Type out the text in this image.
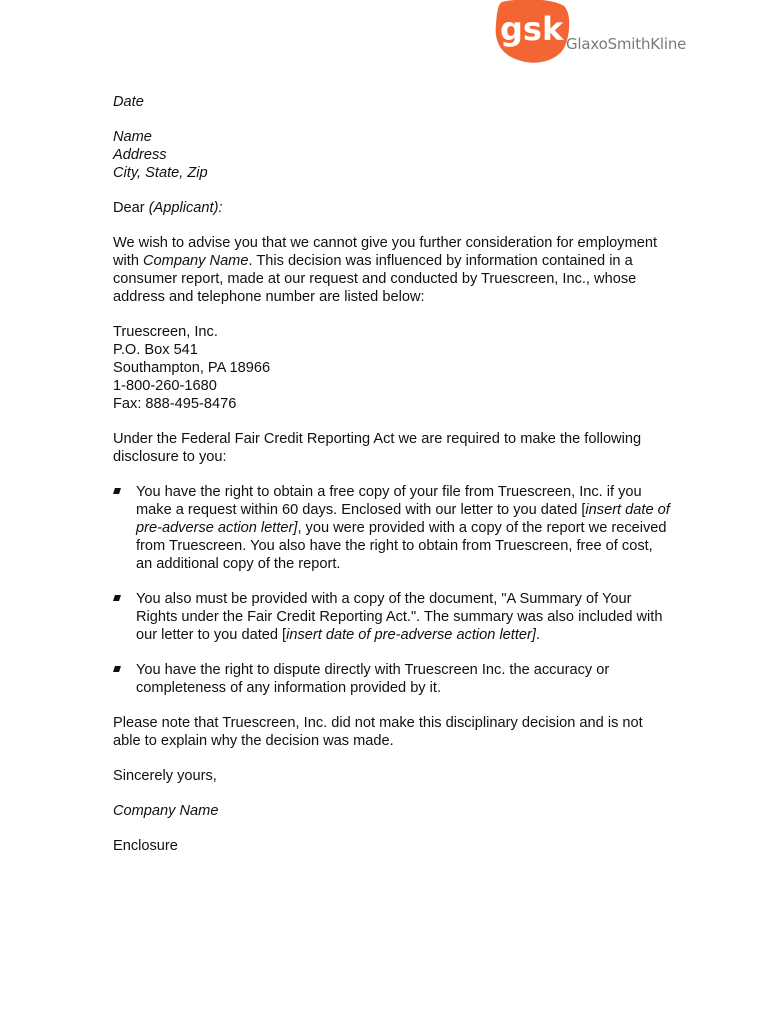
gsk GlaxoSmithKline

Date

Name

Address

City, State, Zip

Dear (Applicant):

We wish to advise you that we cannot give you further consideration for employment with Company Name. This decision was influenced by information contained in a consumer report, made at our request and conducted by Truescreen, Inc., whose address and telephone number are listed below:

Truescreen, Inc.

P.O. Box 541

Southampton, PA 18966

1-800-260-1680

Fax: 888-495-8476

Under the Federal Fair Credit Reporting Act we are required to make the following disclosure to you:

You have the right to obtain a free copy of your file from Truescreen, Inc. if you make a request within 60 days. Enclosed with our letter to you dated [insert date of pre-adverse action letter], you were provided with a copy of the report we received from Truescreen. You also have the right to obtain from Truescreen, free of cost, an additional copy of the report.
You also must be provided with a copy of the document, "A Summary of Your Rights under the Fair Credit Reporting Act.". The summary was also included with our letter to you dated [insert date of pre-adverse action letter].
You have the right to dispute directly with Truescreen Inc. the accuracy or completeness of any information provided by it.

Please note that Truescreen, Inc. did not make this disciplinary decision and is not able to explain why the decision was made.

Sincerely yours,

Company Name

Enclosure
